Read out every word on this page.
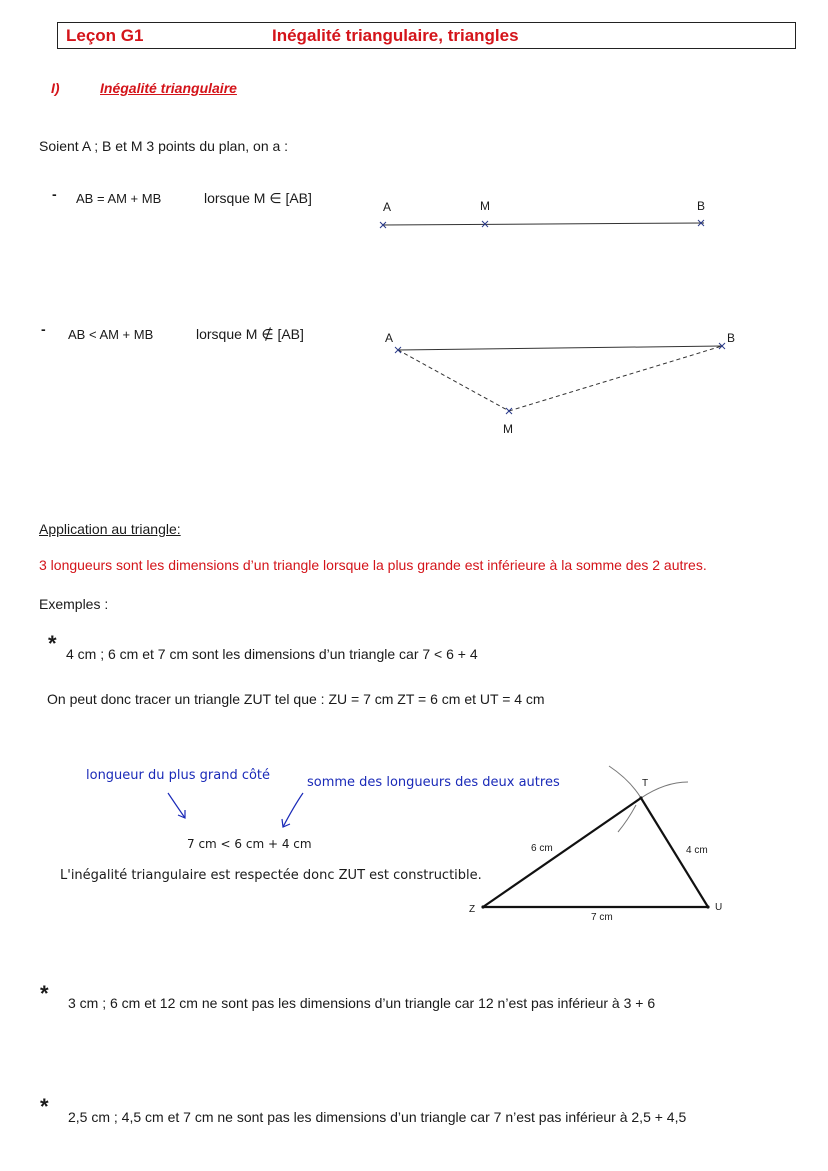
Leçon G1	Inégalité triangulaire, triangles
I)	Inégalité triangulaire
Soient A ; B et M 3 points du plan, on a :
- AB = AM + MB	lorsque M ∈ [AB]
A	M	B
- AB < AM + MB	lorsque M ∉ [AB]	A	B
M
Application au triangle:
3 longueurs sont les dimensions d’un triangle lorsque la plus grande est inférieure à la somme des 2 autres.
Exemples :
* 4 cm ; 6 cm et 7 cm sont les dimensions d’un triangle car 7 < 6 + 4
On peut donc tracer un triangle ZUT tel que : ZU = 7 cm ZT = 6 cm et UT = 4 cm
longueur du plus grand côté	somme des longueurs des deux autres
7 cm < 6 cm + 4 cm
L'inégalité triangulaire est respectée donc ZUT est constructible.
Z	U
T
6 cm	4 cm
7 cm
* 3 cm ; 6 cm et 12 cm ne sont pas les dimensions d’un triangle car 12 n’est pas inférieur à 3 + 6
* 2,5 cm ; 4,5 cm et 7 cm ne sont pas les dimensions d’un triangle car 7 n’est pas inférieur à 2,5 + 4,5
